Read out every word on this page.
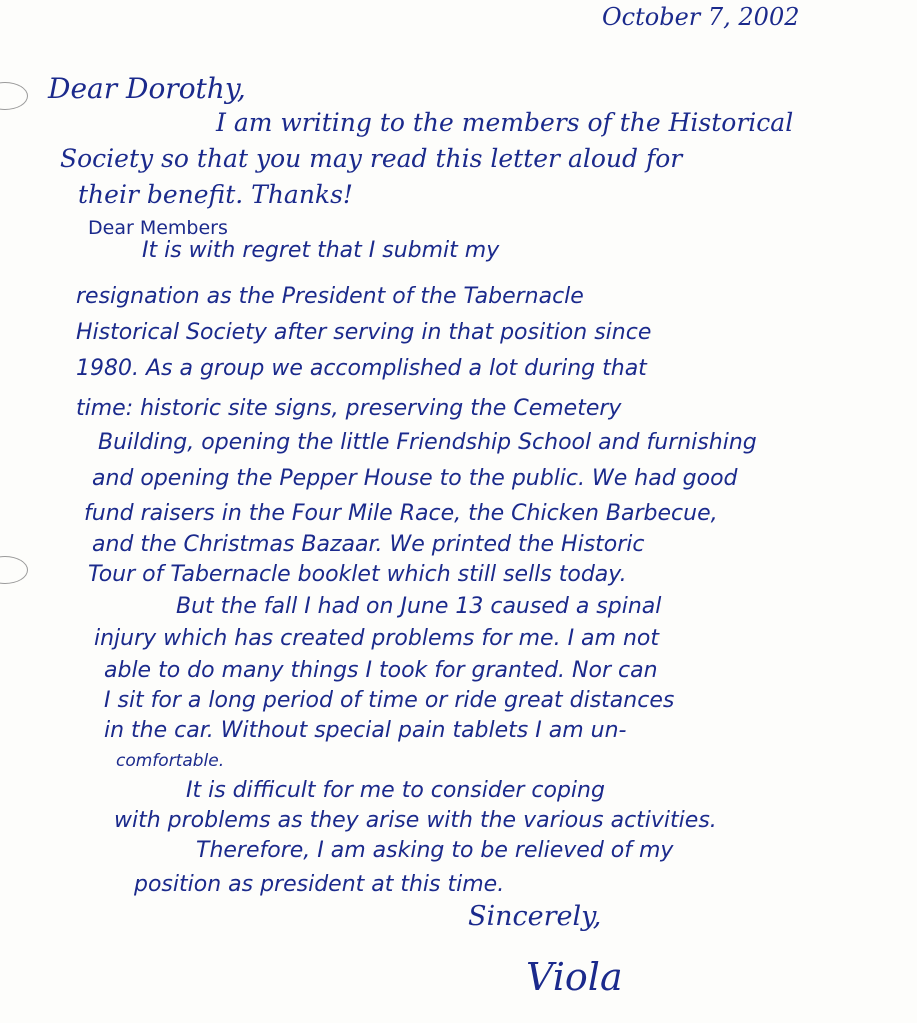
October 7, 2002
Dear Dorothy,
I am writing to the members of the Historical
Society so that you may read this letter aloud for
their benefit. Thanks!
Dear Members
It is with regret that I submit my
resignation as the President of the Tabernacle
Historical Society after serving in that position since
1980. As a group we accomplished a lot during that
time: historic site signs, preserving the Cemetery
Building, opening the little Friendship School and furnishing
and opening the Pepper House to the public. We had good
fund raisers in the Four Mile Race, the Chicken Barbecue,
and the Christmas Bazaar. We printed the Historic
Tour of Tabernacle booklet which still sells today.
But the fall I had on June 13 caused a spinal
injury which has created problems for me. I am not
able to do many things I took for granted. Nor can
I sit for a long period of time or ride great distances
in the car. Without special pain tablets I am un-
comfortable.
It is difficult for me to consider coping
with problems as they arise with the various activities.
Therefore, I am asking to be relieved of my
position as president at this time.
Sincerely,
Viola
